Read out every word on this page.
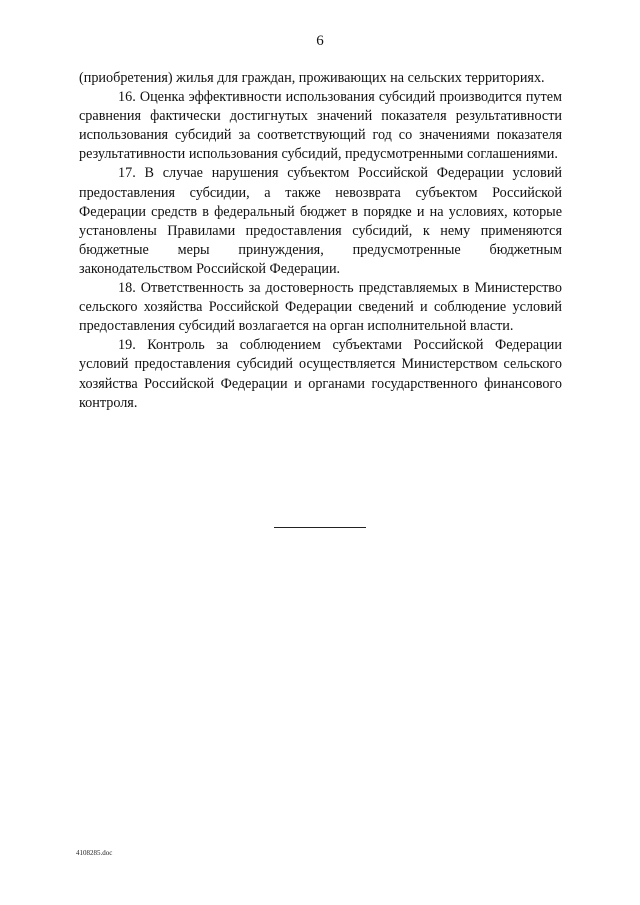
6

(приобретения) жилья для граждан, проживающих на сельских территориях.

16. Оценка эффективности использования субсидий производится путем сравнения фактически достигнутых значений показателя результативности использования субсидий за соответствующий год со значениями показателя результативности использования субсидий, предусмотренными соглашениями.

17. В случае нарушения субъектом Российской Федерации условий предоставления субсидии, а также невозврата субъектом Российской Федерации средств в федеральный бюджет в порядке и на условиях, которые установлены Правилами предоставления субсидий, к нему применяются бюджетные меры принуждения, предусмотренные бюджетным законодательством Российской Федерации.

18. Ответственность за достоверность представляемых в Министерство сельского хозяйства Российской Федерации сведений и соблюдение условий предоставления субсидий возлагается на орган исполнительной власти.

19. Контроль за соблюдением субъектами Российской Федерации условий предоставления субсидий осуществляется Министерством сельского хозяйства Российской Федерации и органами государственного финансового контроля.

4108285.doc
